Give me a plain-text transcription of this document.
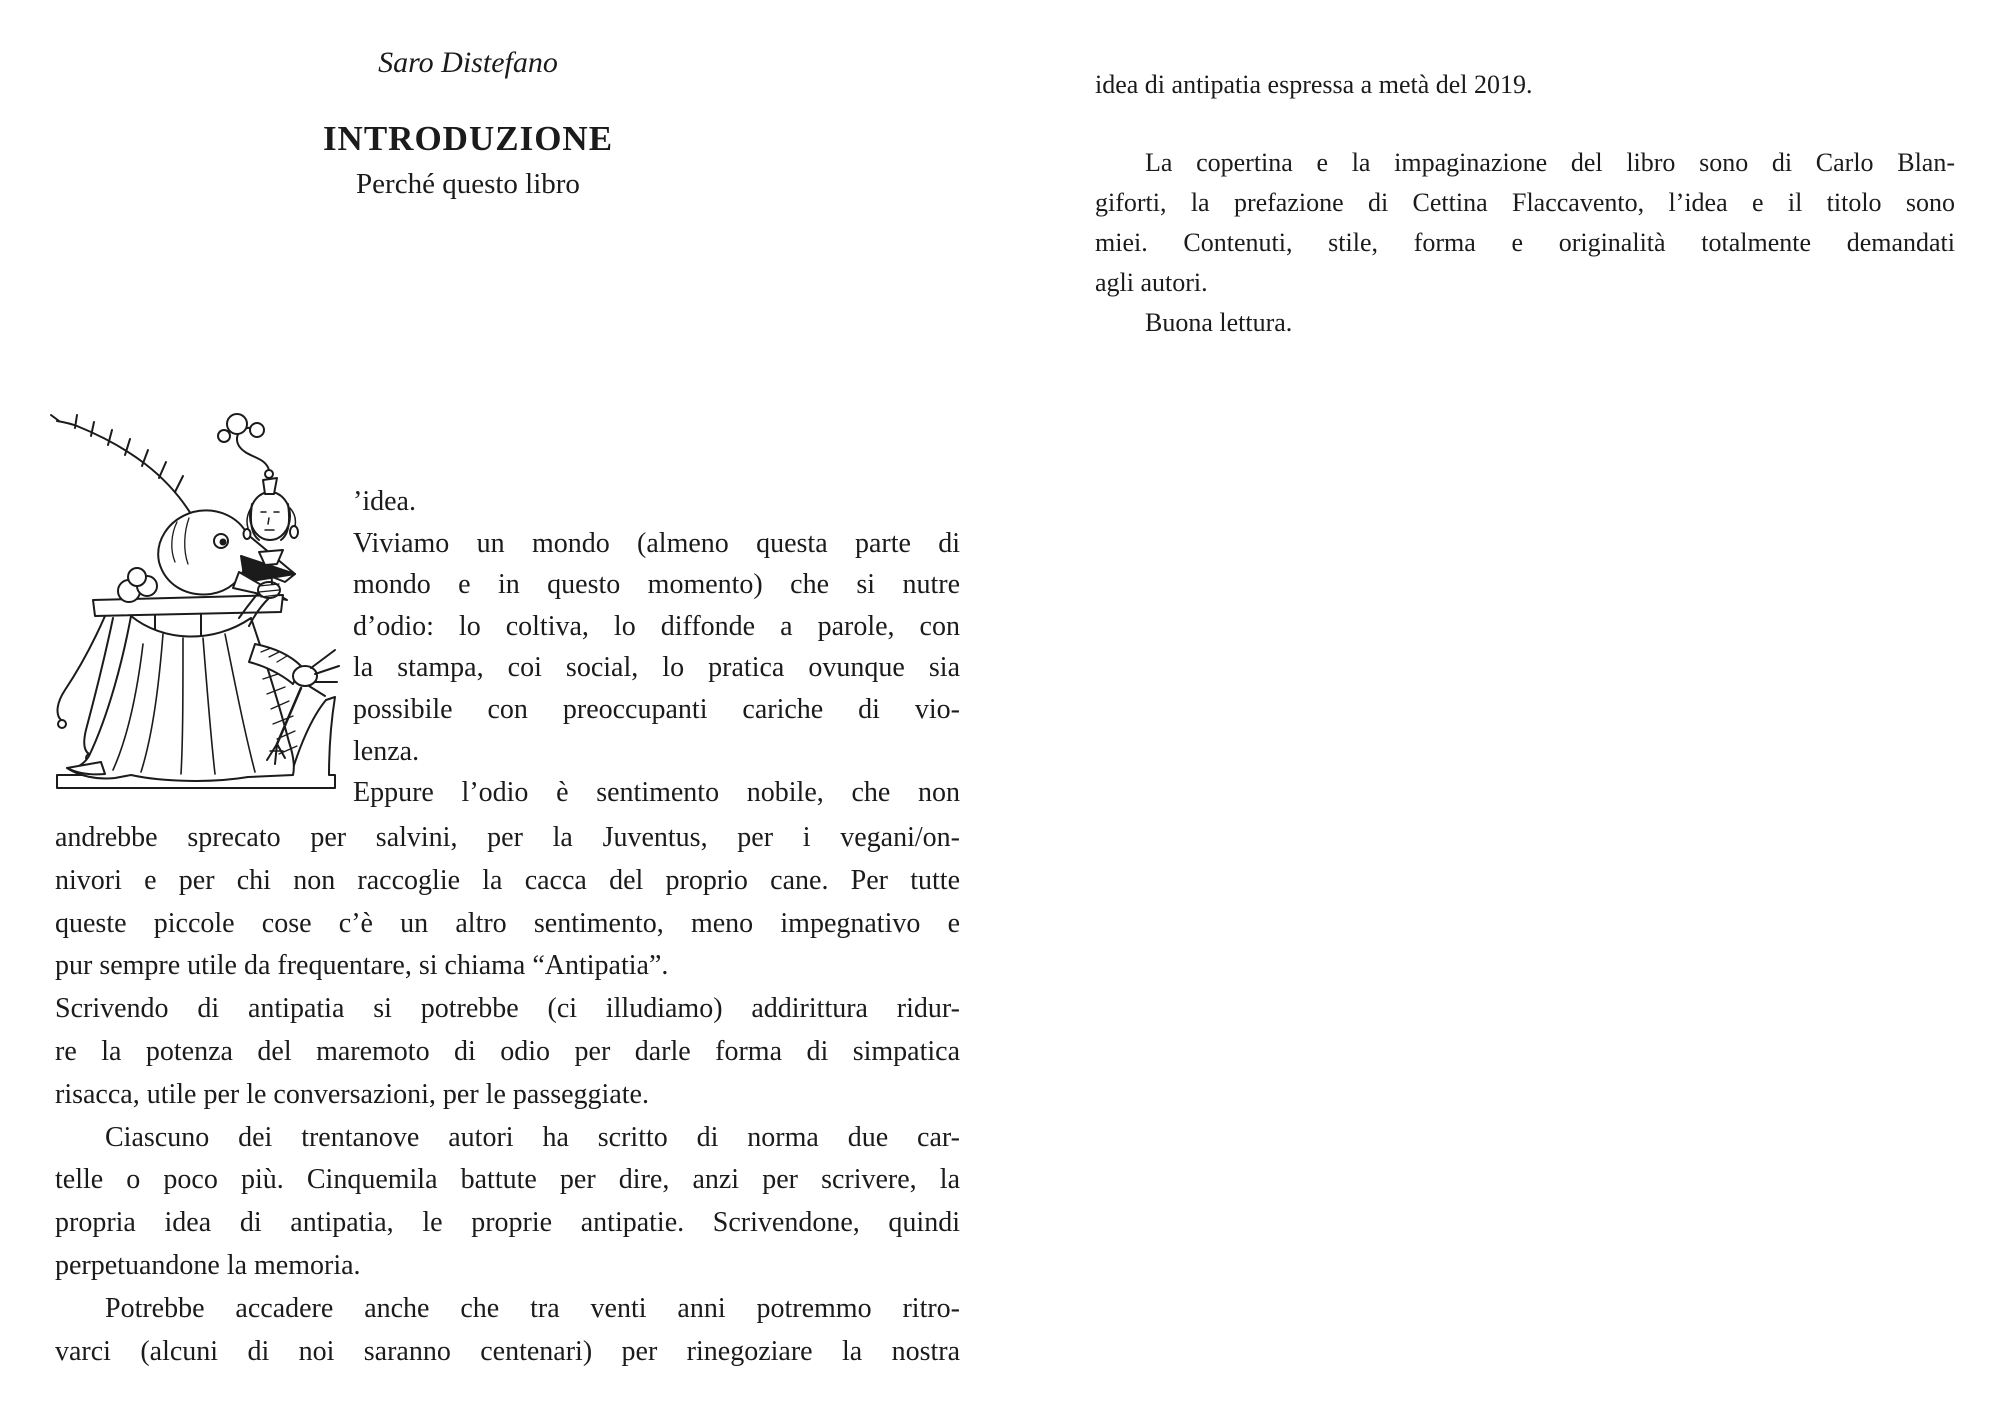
Saro Distefano
INTRODUZIONE
Perché questo libro
’idea.
Viviamo un mondo (almeno questa parte di
mondo e in questo momento) che si nutre
d’odio: lo coltiva, lo diffonde a parole, con
la stampa, coi social, lo pratica ovunque sia
possibile con preoccupanti cariche di vio-
lenza.
Eppure l’odio è sentimento nobile, che non
andrebbe sprecato per salvini, per la Juventus, per i vegani/on-
nivori e per chi non raccoglie la cacca del proprio cane. Per tutte
queste piccole cose c’è un altro sentimento, meno impegnativo e
pur sempre utile da frequentare, si chiama “Antipatia”.
Scrivendo di antipatia si potrebbe (ci illudiamo) addirittura ridur-
re la potenza del maremoto di odio per darle forma di simpatica
risacca, utile per le conversazioni, per le passeggiate.
Ciascuno dei trentanove autori ha scritto di norma due car-
telle o poco più. Cinquemila battute per dire, anzi per scrivere, la
propria idea di antipatia, le proprie antipatie. Scrivendone, quindi
perpetuandone la memoria.
Potrebbe accadere anche che tra venti anni potremmo ritro-
varci (alcuni di noi saranno centenari) per rinegoziare la nostra
idea di antipatia espressa a metà del 2019.
La copertina e la impaginazione del libro sono di Carlo Blan-
giforti, la prefazione di Cettina Flaccavento, l’idea e il titolo sono
miei. Contenuti, stile, forma e originalità totalmente demandati
agli autori.
Buona lettura.
